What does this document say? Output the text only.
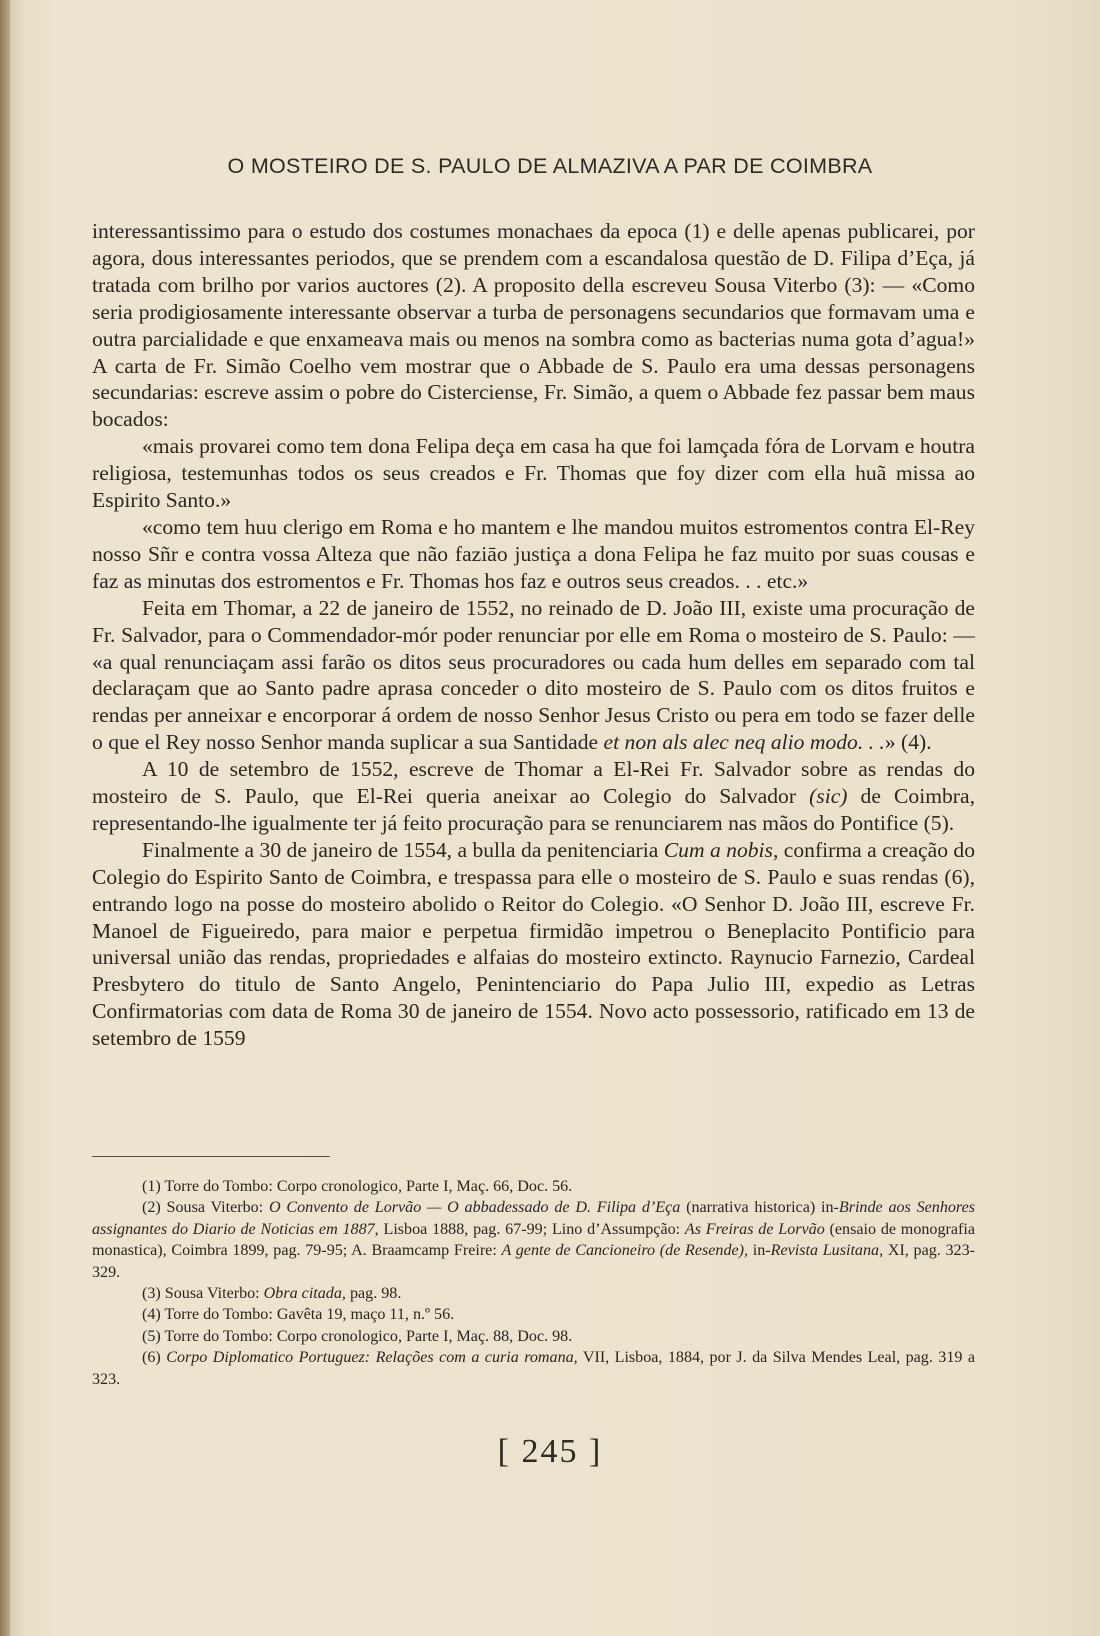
O MOSTEIRO DE S. PAULO DE ALMAZIVA A PAR DE COIMBRA

interessantissimo para o estudo dos costumes monachaes da epoca (1) e delle apenas publicarei, por agora, dous interessantes periodos, que se prendem com a escandalosa questão de D. Filipa d’Eça, já tratada com brilho por varios auctores (2). A proposito della escreveu Sousa Viterbo (3): — «Como seria prodigiosamente interessante observar a turba de personagens secundarios que formavam uma e outra parcialidade e que enxameava mais ou menos na sombra como as bacterias numa gota d’agua!» A carta de Fr. Simão Coelho vem mostrar que o Abbade de S. Paulo era uma dessas personagens secundarias: escreve assim o pobre do Cisterciense, Fr. Simão, a quem o Abbade fez passar bem maus bocados:

«mais provarei como tem dona Felipa deça em casa ha que foi lamçada fóra de Lorvam e houtra religiosa, testemunhas todos os seus creados e Fr. Thomas que foy dizer com ella huã missa ao Espirito Santo.»

«como tem huu clerigo em Roma e ho mantem e lhe mandou muitos estromentos contra El-Rey nosso Sñr e contra vossa Alteza que não faziāo justiça a dona Felipa he faz muito por suas cousas e faz as minutas dos estromentos e Fr. Thomas hos faz e outros seus creados. . . etc.»

Feita em Thomar, a 22 de janeiro de 1552, no reinado de D. João III, existe uma procuração de Fr. Salvador, para o Commendador-mór poder renunciar por elle em Roma o mosteiro de S. Paulo: — «a qual renunciaçam assi farão os ditos seus procuradores ou cada hum delles em separado com tal declaraçam que ao Santo padre aprasa conceder o dito mosteiro de S. Paulo com os ditos fruitos e rendas per anneixar e encorporar á ordem de nosso Senhor Jesus Cristo ou pera em todo se fazer delle o que el Rey nosso Senhor manda suplicar a sua Santidade et non als alec neq alio modo. . .» (4).

A 10 de setembro de 1552, escreve de Thomar a El-Rei Fr. Salvador sobre as rendas do mosteiro de S. Paulo, que El-Rei queria aneixar ao Colegio do Salvador (sic) de Coimbra, representando-lhe igualmente ter já feito procuração para se renunciarem nas mãos do Pontifice (5).

Finalmente a 30 de janeiro de 1554, a bulla da penitenciaria Cum a nobis, confirma a creação do Colegio do Espirito Santo de Coimbra, e trespassa para elle o mosteiro de S. Paulo e suas rendas (6), entrando logo na posse do mosteiro abolido o Reitor do Colegio. «O Senhor D. João III, escreve Fr. Manoel de Figueiredo, para maior e perpetua firmidão impetrou o Beneplacito Pontificio para universal união das rendas, propriedades e alfaias do mosteiro extincto. Raynucio Farnezio, Cardeal Presbytero do titulo de Santo Angelo, Penintenciario do Papa Julio III, expedio as Letras Confirmatorias com data de Roma 30 de janeiro de 1554. Novo acto possessorio, ratificado em 13 de setembro de 1559

(1) Torre do Tombo: Corpo cronologico, Parte I, Maç. 66, Doc. 56.

(2) Sousa Viterbo: O Convento de Lorvão — O abbadessado de D. Filipa d’Eça (narrativa historica) in-Brinde aos Senhores assignantes do Diario de Noticias em 1887, Lisboa 1888, pag. 67-99; Lino d’Assumpção: As Freiras de Lorvão (ensaio de monografia monastica), Coimbra 1899, pag. 79-95; A. Braamcamp Freire: A gente de Cancioneiro (de Resende), in-Revista Lusitana, XI, pag. 323-329.

(3) Sousa Viterbo: Obra citada, pag. 98.

(4) Torre do Tombo: Gavêta 19, maço 11, n.º 56.

(5) Torre do Tombo: Corpo cronologico, Parte I, Maç. 88, Doc. 98.

(6) Corpo Diplomatico Portuguez: Relações com a curia romana, VII, Lisboa, 1884, por J. da Silva Mendes Leal, pag. 319 a 323.

[ 245 ]
